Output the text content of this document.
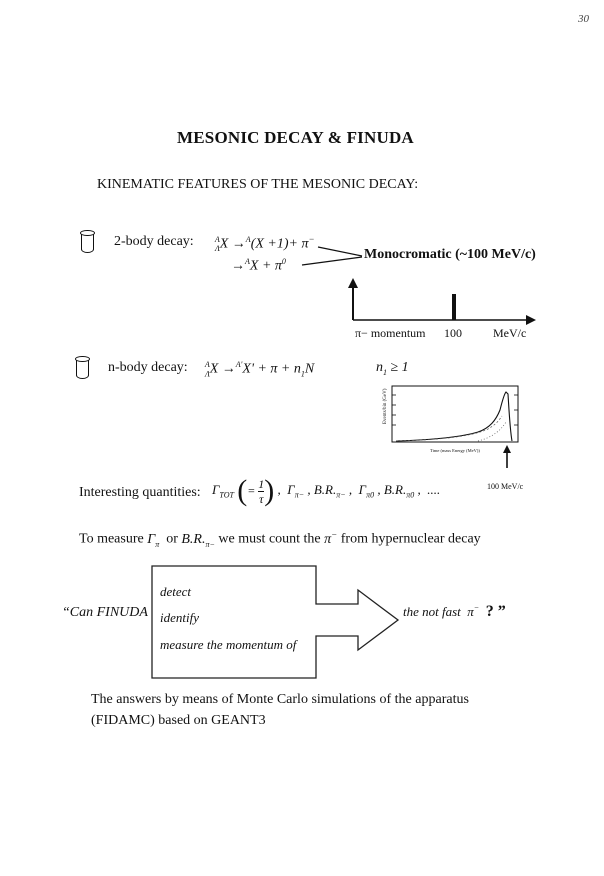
30
MESONIC DECAY & FINUDA
KINEMATIC FEATURES OF THE MESONIC DECAY:
2-body decay:	$_\Lambda^A$X →$^A$(X +1)+ π−
$\to^AX + \pi^0$	Monocromatic (~100 MeV/c)
π− momentum 100	MeV/c
n-body decay: $_\Lambda^AX \to^{A'}X' + \pi + n_1N$	$n_1 \ge 1$
Events/bin (GeV)
Time (mass Energy (MeV))
Interesting quantities: $\Gamma_{TOT}$ (= $\frac{1}{\tau}$ ) ,  $\Gamma_{\pi-}$ , $B.R._{\pi-}$ ,  $\Gamma_{\pi 0}$ , $B.R._{\pi 0}$ ,  ....	100 MeV/c
To measure $\Gamma_\pi$ or $B.R._{\pi-}$ we must count the π− from hypernuclear decay
“Can FINUDA
detect
identify
measure the momentum of
the not fast π− ? ”
The answers by means of Monte Carlo simulations of the apparatus (FIDAMC) based on GEANT3
